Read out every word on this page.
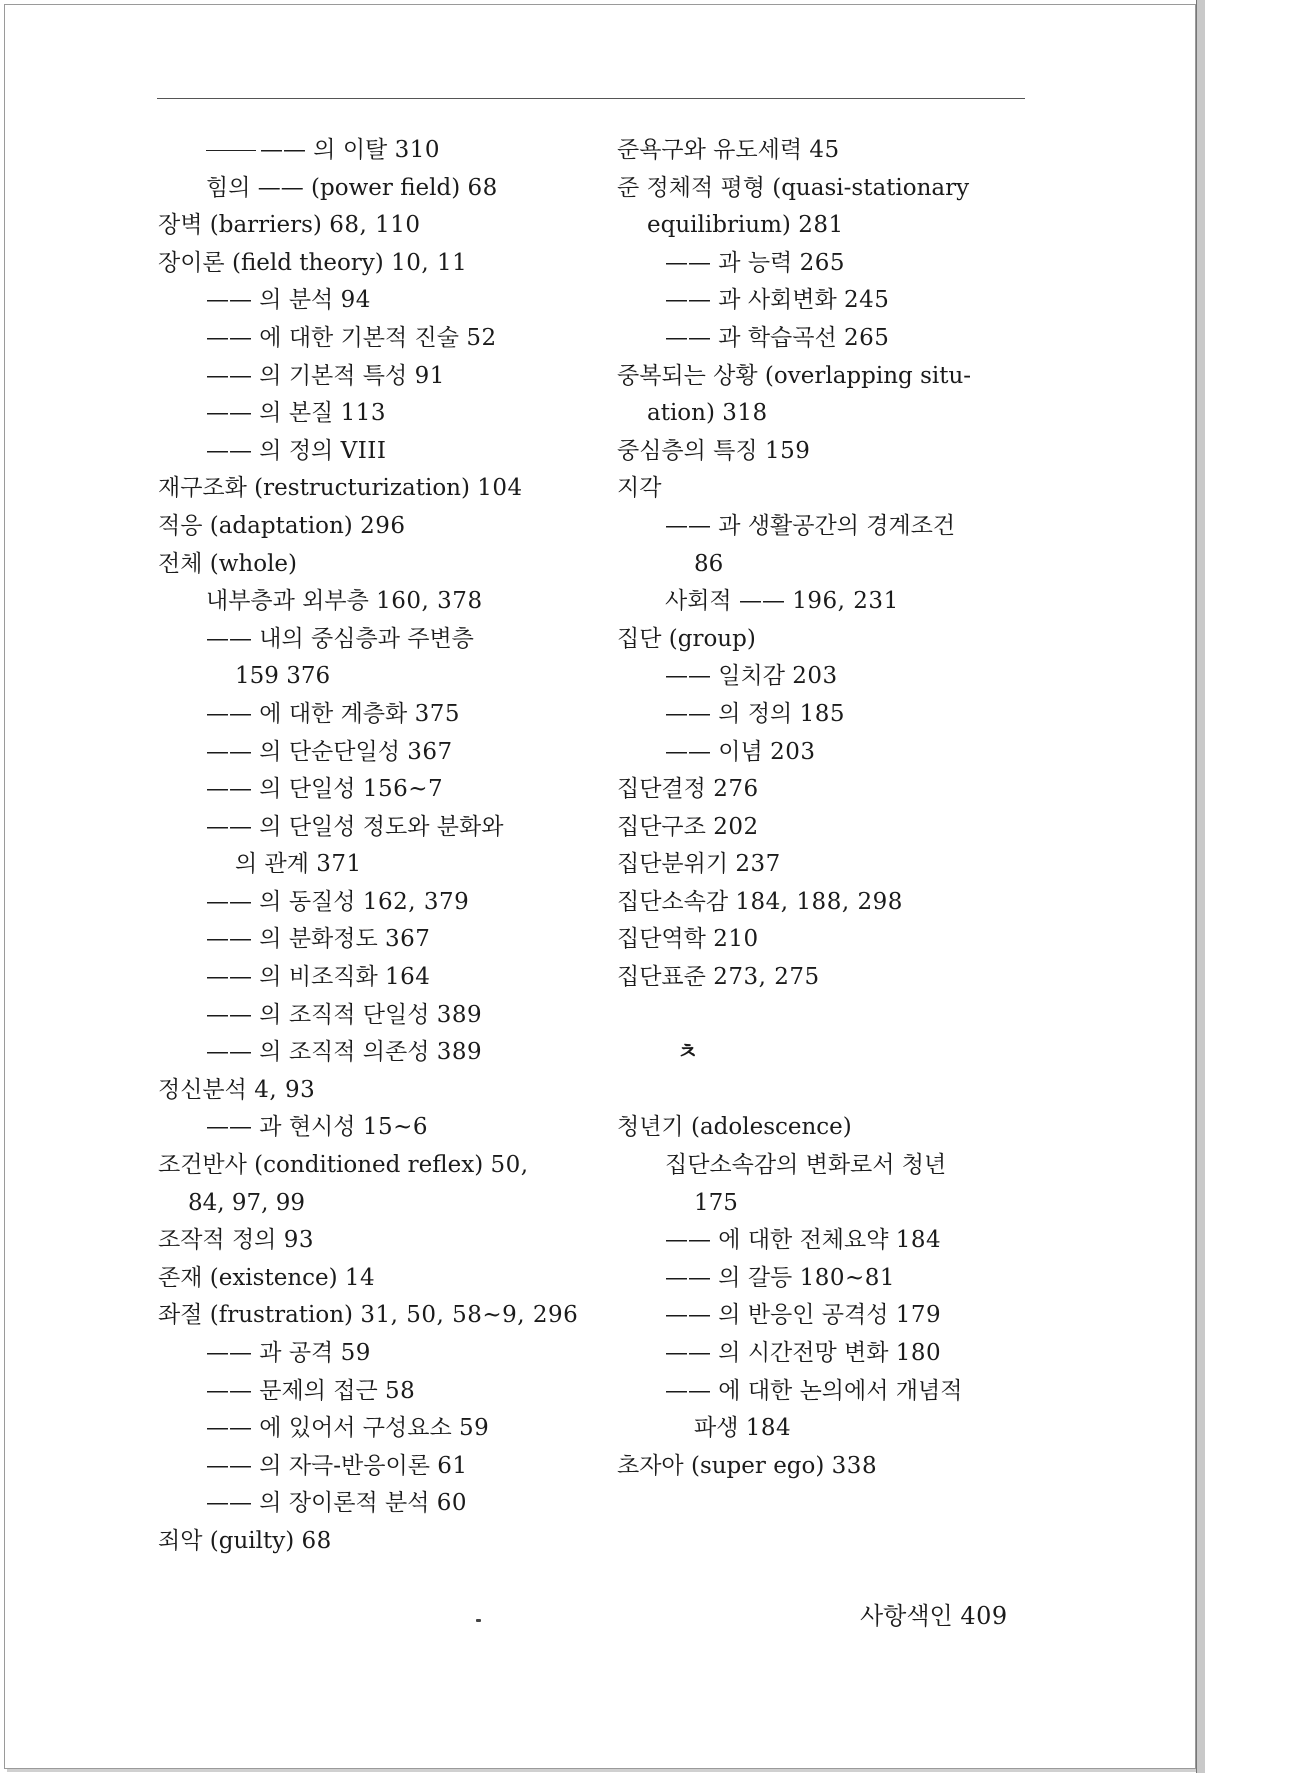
—— 의 이탈 310
힘의 —— (power field) 68
장벽 (barriers) 68, 110
장이론 (field theory) 10, 11
—— 의 분석 94
—— 에 대한 기본적 진술 52
—— 의 기본적 특성 91
—— 의 본질 113
—— 의 정의 VIII
재구조화 (restructurization) 104
적응 (adaptation) 296
전체 (whole)
내부층과 외부층 160, 378
—— 내의 중심층과 주변층
159 376
—— 에 대한 계층화 375
—— 의 단순단일성 367
—— 의 단일성 156~7
—— 의 단일성 정도와 분화와
의 관계 371
—— 의 동질성 162, 379
—— 의 분화정도 367
—— 의 비조직화 164
—— 의 조직적 단일성 389
—— 의 조직적 의존성 389
정신분석 4, 93
—— 과 현시성 15~6
조건반사 (conditioned reflex) 50,
84, 97, 99
조작적 정의 93
존재 (existence) 14
좌절 (frustration) 31, 50, 58~9, 296
—— 과 공격 59
—— 문제의 접근 58
—— 에 있어서 구성요소 59
—— 의 자극-반응이론 61
—— 의 장이론적 분석 60
죄악 (guilty) 68
준욕구와 유도세력 45
준 정체적 평형 (quasi-stationary
equilibrium) 281
—— 과 능력 265
—— 과 사회변화 245
—— 과 학습곡선 265
중복되는 상황 (overlapping situ-
ation) 318
중심층의 특징 159
지각
—— 과 생활공간의 경계조건
86
사회적 —— 196, 231
집단 (group)
—— 일치감 203
—— 의 정의 185
—— 이념 203
집단결정 276
집단구조 202
집단분위기 237
집단소속감 184, 188, 298
집단역학 210
집단표준 273, 275
ㅊ
청년기 (adolescence)
집단소속감의 변화로서 청년
175
—— 에 대한 전체요약 184
—— 의 갈등 180~81
—— 의 반응인 공격성 179
—— 의 시간전망 변화 180
—— 에 대한 논의에서 개념적
파생 184
초자아 (super ego) 338
사항색인 409
